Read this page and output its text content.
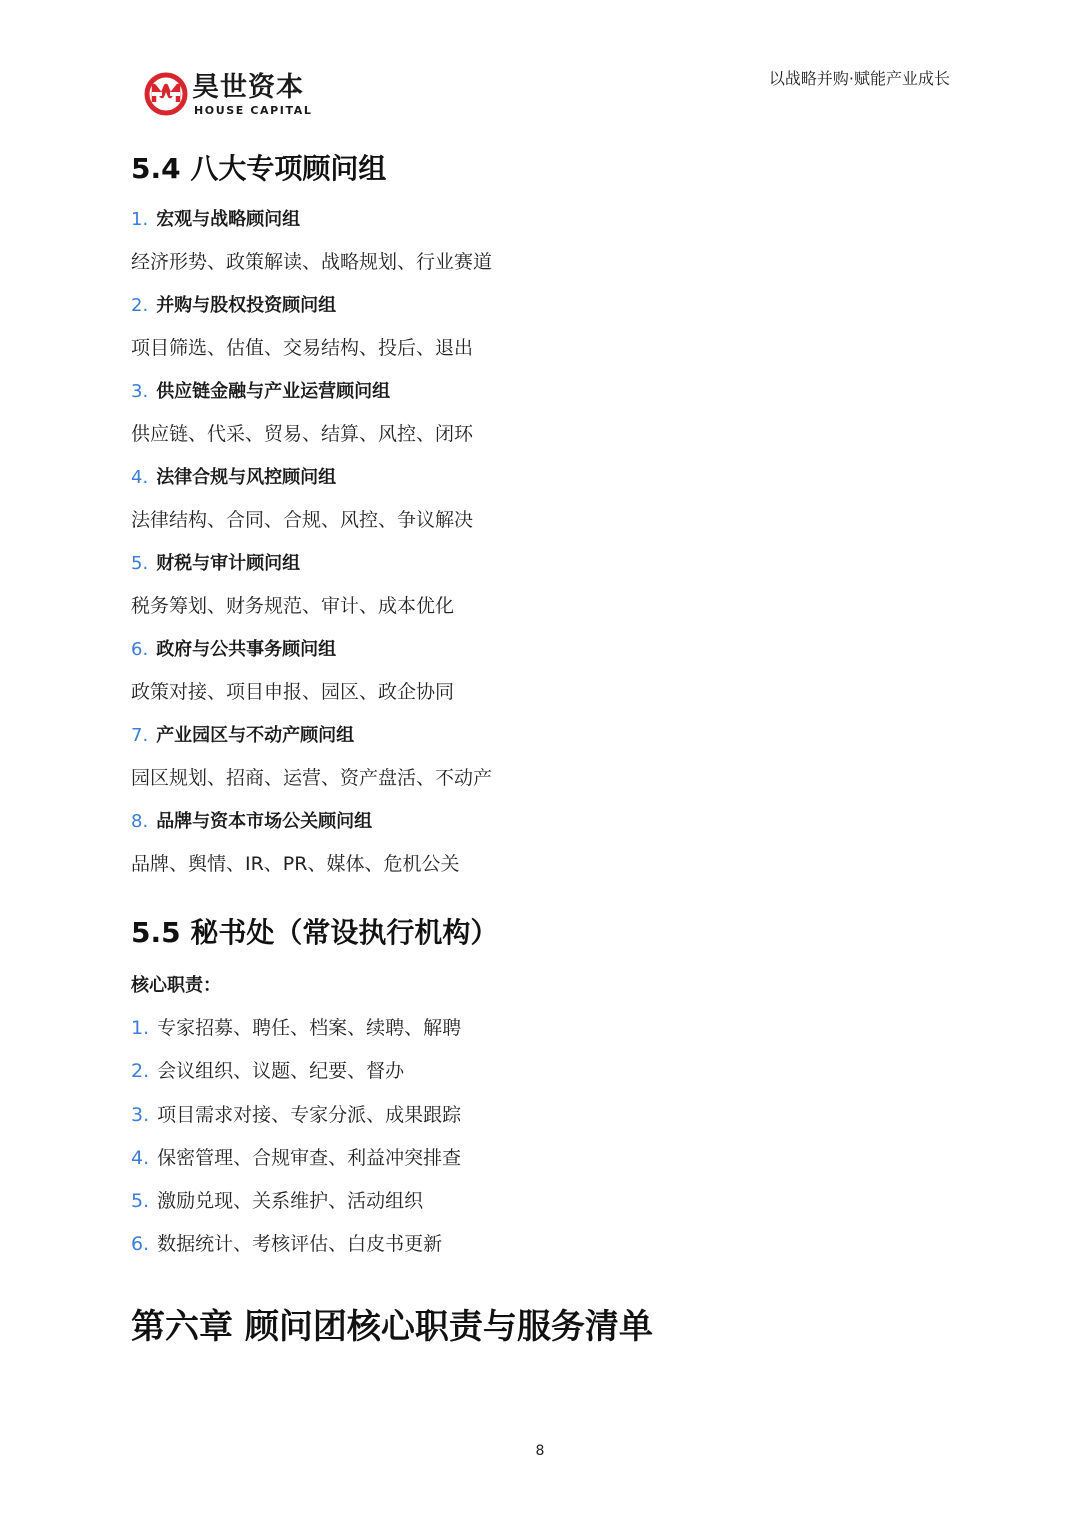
昊世资本
HOUSE CAPITAL
以战略并购·赋能产业成长
5.4 八大专项顾问组
1. 宏观与战略顾问组
经济形势、政策解读、战略规划、行业赛道
2. 并购与股权投资顾问组
项目筛选、估值、交易结构、投后、退出
3. 供应链金融与产业运营顾问组
供应链、代采、贸易、结算、风控、闭环
4. 法律合规与风控顾问组
法律结构、合同、合规、风控、争议解决
5. 财税与审计顾问组
税务筹划、财务规范、审计、成本优化
6. 政府与公共事务顾问组
政策对接、项目申报、园区、政企协同
7. 产业园区与不动产顾问组
园区规划、招商、运营、资产盘活、不动产
8. 品牌与资本市场公关顾问组
品牌、舆情、IR、PR、媒体、危机公关
5.5 秘书处（常设执行机构）
核心职责：
1. 专家招募、聘任、档案、续聘、解聘
2. 会议组织、议题、纪要、督办
3. 项目需求对接、专家分派、成果跟踪
4. 保密管理、合规审查、利益冲突排查
5. 激励兑现、关系维护、活动组织
6. 数据统计、考核评估、白皮书更新
第六章 顾问团核心职责与服务清单
8
